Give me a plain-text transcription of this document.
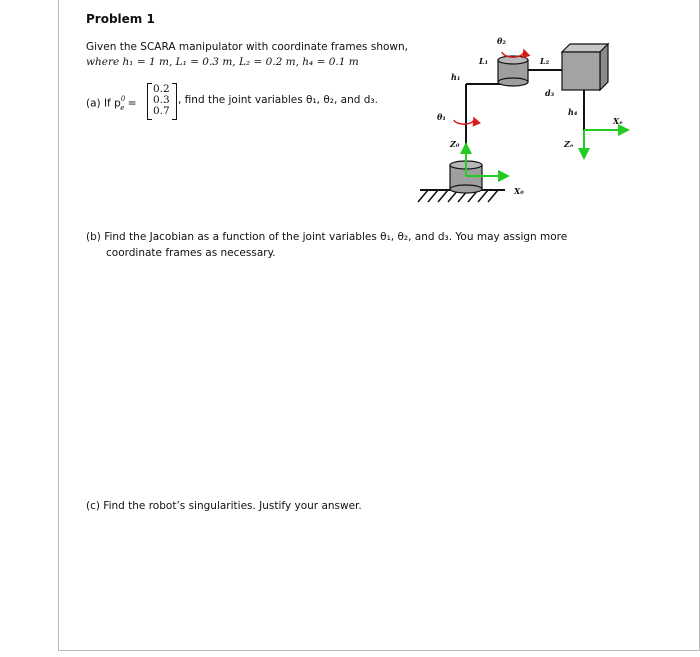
Problem 1
Given the SCARA manipulator with coordinate frames shown,
where h₁ = 1 m, L₁ = 0.3 m, L₂ = 0.2 m, h₄ = 0.1 m
(a) If $p^0_e$ =
0.2
0.3
0.7
, find the joint variables θ₁, θ₂, and d₃.
(b) Find the Jacobian as a function of the joint variables θ₁, θ₂, and d₃. You may assign more
coordinate frames as necessary.
(c) Find the robot’s singularities. Justify your answer.
θ₂
L₁	L₂
h₁
d₃
h₄
θ₁
Z₀
X₀
Zₑ
Xₑ
